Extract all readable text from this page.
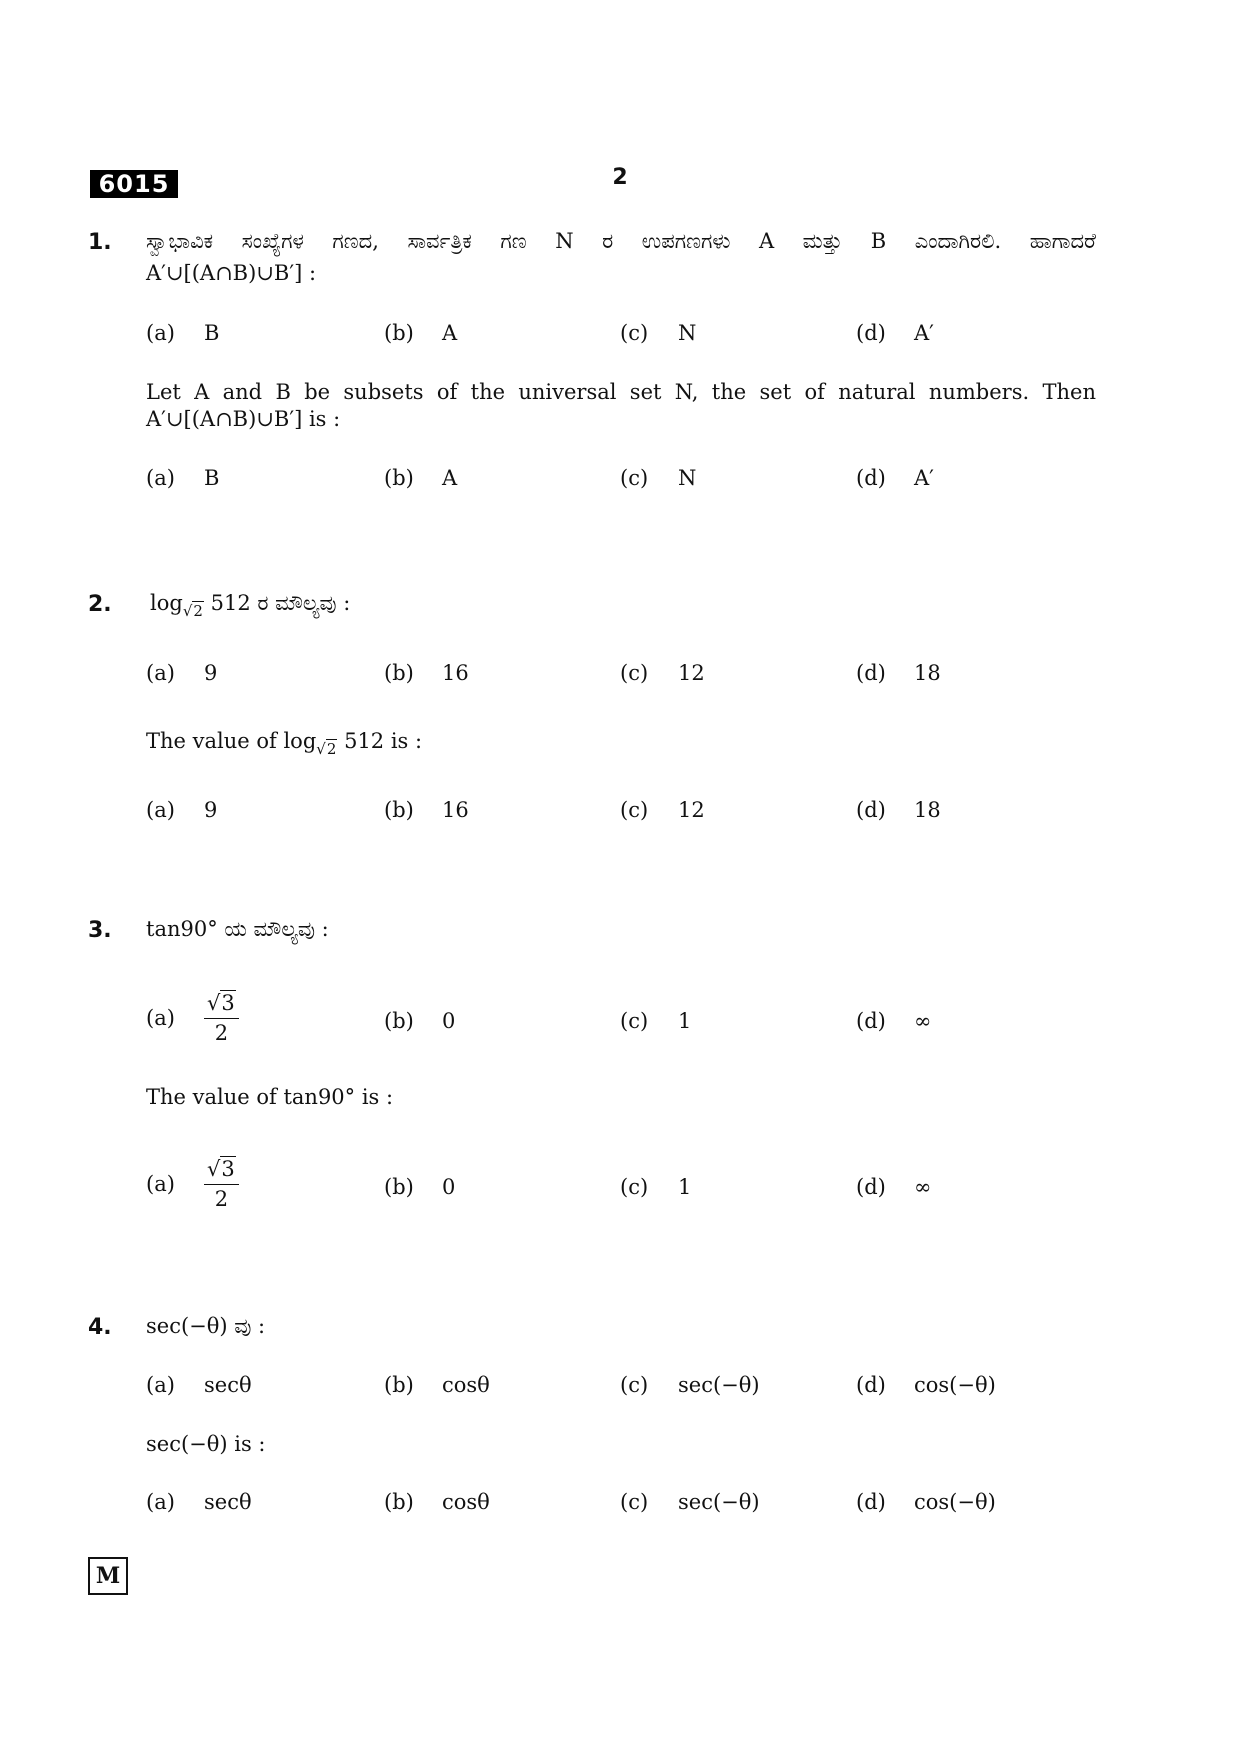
6015	2
1. ಸ್ವಾಭಾವಿಕ ಸಂಖ್ಯೆಗಳ ಗಣದ, ಸಾರ್ವತ್ರಿಕ ಗಣ N ರ ಉಪಗಣಗಳು A ಮತ್ತು B ಎಂದಾಗಿರಲಿ. ಹಾಗಾದರೆ
A′∪[(A∩B)∪B′] :
(a) B	(b) A	(c) N	(d) A′
Let A and B be subsets of the universal set N, the set of natural numbers. Then
A′∪[(A∩B)∪B′] is :
(a) B	(b) A	(c) N	(d) A′
2. $\log_{√2} 512$ ರ ಮೌಲ್ಯವು :
(a) 9	(b) 16	(c) 12	(d) 18
The value of $\log_{√2} 512$ is :
(a) 9	(b) 16	(c) 12	(d) 18
3. tan90° ಯ ಮೌಲ್ಯವು :
$(a) \frac{√3}{2}$	(b) 0	(c) 1	(d) ∞
The value of tan90° is :
$(a) \frac{√3}{2}$	(b) 0	(c) 1	(d) ∞
4. sec(−θ) ವು :
(a) secθ	(b) cosθ	(c) sec(−θ)	(d) cos(−θ)
sec(−θ) is :
(a) secθ	(b) cosθ	(c) sec(−θ)	(d) cos(−θ)
M
